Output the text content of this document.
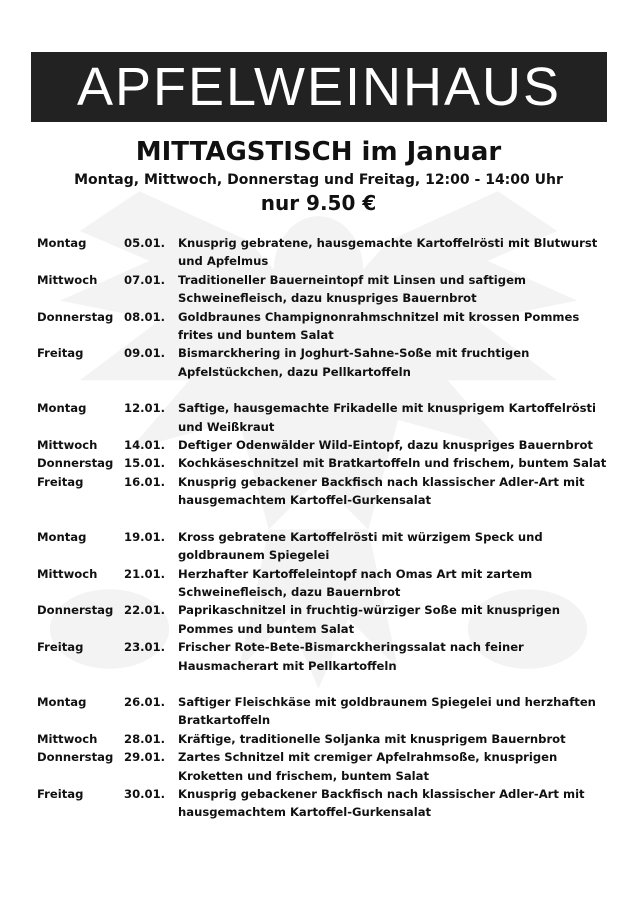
APFELWEINHAUS
MITTAGSTISCH im Januar
Montag, Mittwoch, Donnerstag und Freitag, 12:00 - 14:00 Uhr
nur 9.50 €
Montag	05.01.	Knusprig gebratene, hausgemachte Kartoffelrösti mit Blutwurst und Apfelmus
Mittwoch	07.01.	Traditioneller Bauerneintopf mit Linsen und saftigem Schweinefleisch, dazu knuspriges Bauernbrot
Donnerstag 08.01.	Goldbraunes Champignonrahmschnitzel mit krossen Pommes frites und buntem Salat
Freitag	09.01.	Bismarckhering in Joghurt-Sahne-Soße mit fruchtigen Apfelstückchen, dazu Pellkartoffeln
Montag	12.01.	Saftige, hausgemachte Frikadelle mit knusprigem Kartoffelrösti und Weißkraut
Mittwoch	14.01.	Deftiger Odenwälder Wild-Eintopf, dazu knuspriges Bauernbrot
Donnerstag 15.01.	Kochkäseschnitzel mit Bratkartoffeln und frischem, buntem Salat
Freitag	16.01.	Knusprig gebackener Backfisch nach klassischer Adler-Art mit hausgemachtem Kartoffel-Gurkensalat
Montag	19.01.	Kross gebratene Kartoffelrösti mit würzigem Speck und goldbraunem Spiegelei
Mittwoch	21.01.	Herzhafter Kartoffeleintopf nach Omas Art mit zartem Schweinefleisch, dazu Bauernbrot
Donnerstag 22.01.	Paprikaschnitzel in fruchtig-würziger Soße mit knusprigen Pommes und buntem Salat
Freitag	23.01.	Frischer Rote-Bete-Bismarckheringssalat nach feiner Hausmacherart mit Pellkartoffeln
Montag	26.01.	Saftiger Fleischkäse mit goldbraunem Spiegelei und herzhaften Bratkartoffeln
Mittwoch	28.01.	Kräftige, traditionelle Soljanka mit knusprigem Bauernbrot
Donnerstag 29.01.	Zartes Schnitzel mit cremiger Apfelrahmsoße, knusprigen Kroketten und frischem, buntem Salat
Freitag	30.01.	Knusprig gebackener Backfisch nach klassischer Adler-Art mit hausgemachtem Kartoffel-Gurkensalat
